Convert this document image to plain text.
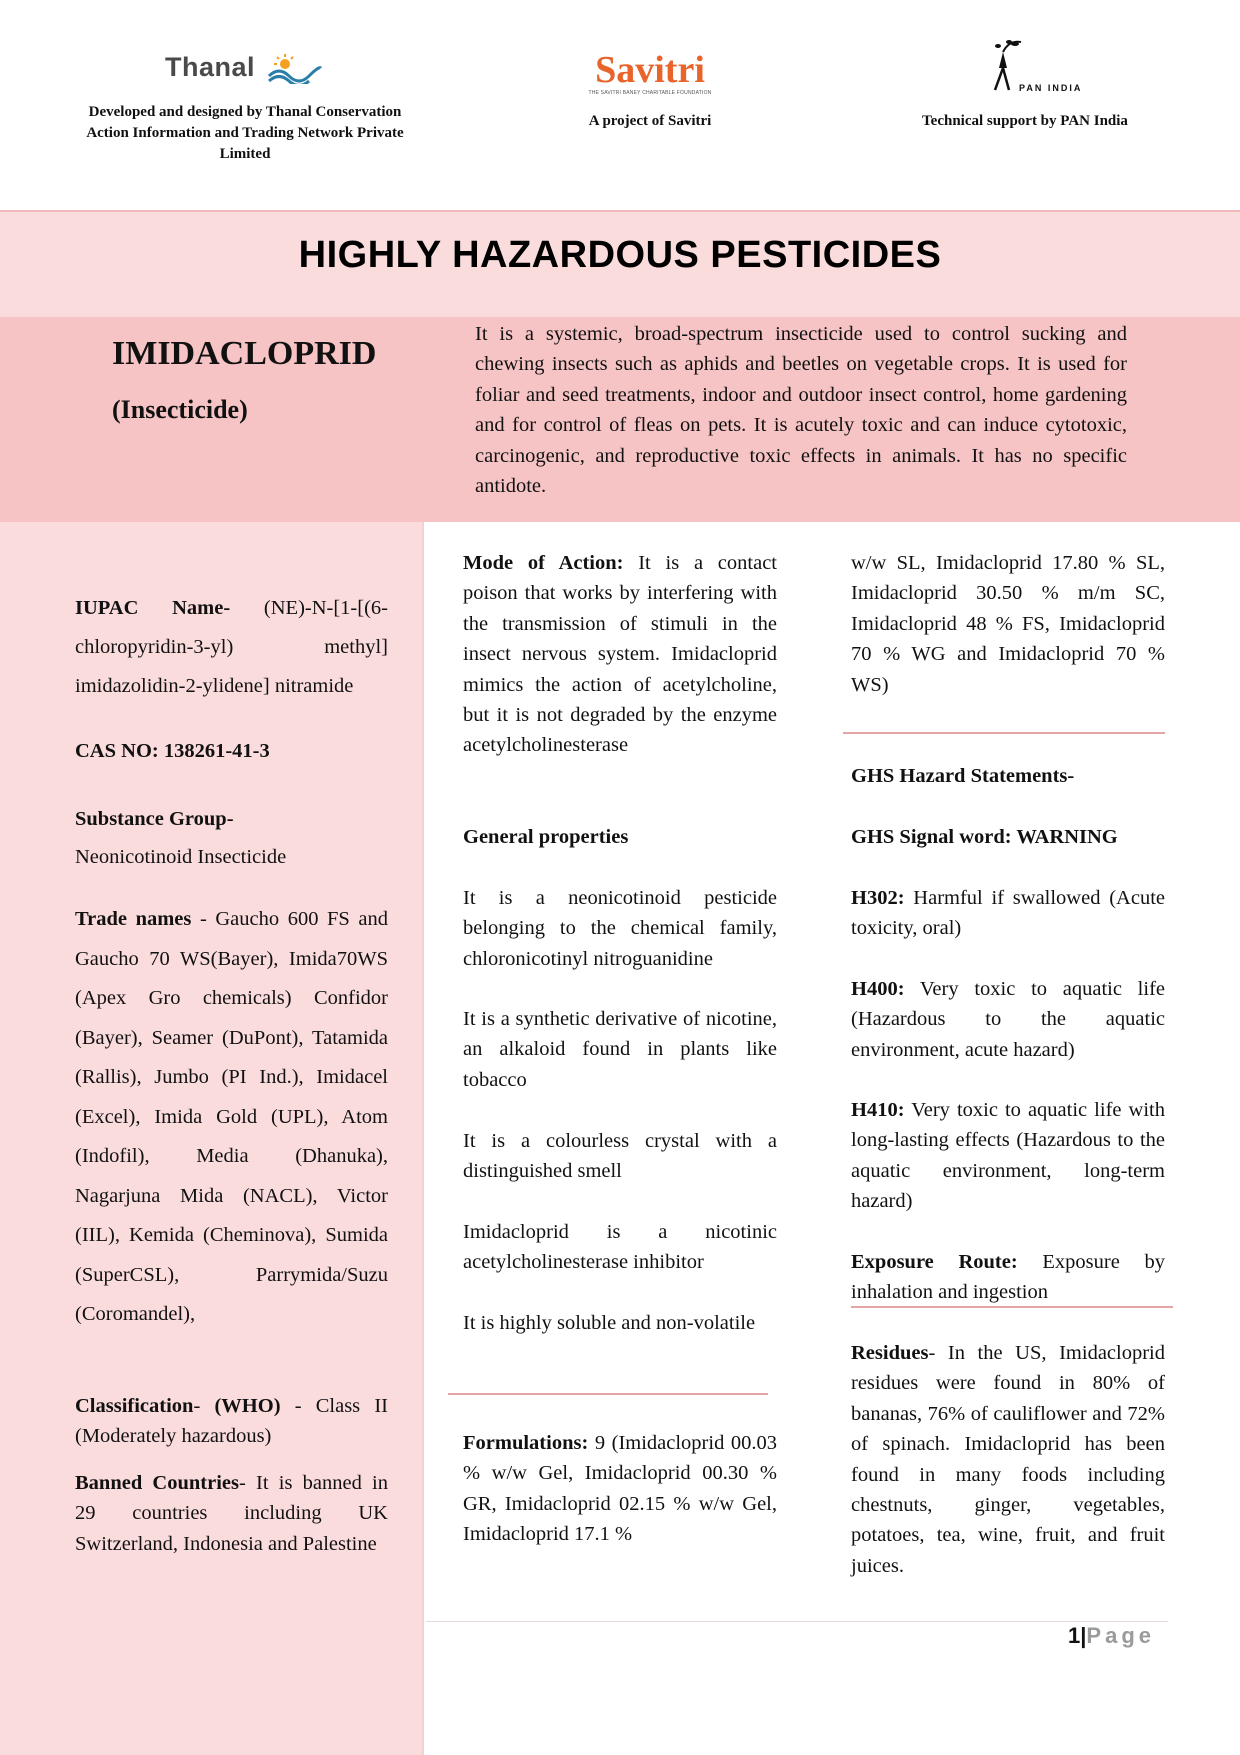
Thanal
Developed and designed by Thanal Conservation Action Information and Trading Network Private Limited
Savitri
THE SAVITRI BANEY CHARITABLE FOUNDATION
A project of Savitri
PAN INDIA
Technical support by PAN India
HIGHLY HAZARDOUS PESTICIDES
IMIDACLOPRID
(Insecticide)
It is a systemic, broad-spectrum insecticide used to control sucking and chewing insects such as aphids and beetles on vegetable crops. It is used for foliar and seed treatments, indoor and outdoor insect control, home gardening and for control of fleas on pets. It is acutely toxic and can induce cytotoxic, carcinogenic, and reproductive toxic effects in animals. It has no specific antidote.
IUPAC Name- (NE)-N-[1-[(6-chloropyridin-3-yl) methyl] imidazolidin-2-ylidene] nitramide
CAS NO: 138261-41-3
Substance Group-
Neonicotinoid Insecticide
Trade names - Gaucho 600 FS and Gaucho 70 WS(Bayer), Imida70WS (Apex Gro chemicals) Confidor (Bayer), Seamer (DuPont), Tatamida (Rallis), Jumbo (PI Ind.), Imidacel (Excel), Imida Gold (UPL), Atom (Indofil), Media (Dhanuka), Nagarjuna Mida (NACL), Victor (IIL), Kemida (Cheminova), Sumida (SuperCSL), Parrymida/Suzu (Coromandel),
Classification- (WHO) - Class II (Moderately hazardous)
Banned Countries- It is banned in 29 countries including UK Switzerland, Indonesia and Palestine
Mode of Action: It is a contact poison that works by interfering with the transmission of stimuli in the insect nervous system. Imidacloprid mimics the action of acetylcholine, but it is not degraded by the enzyme acetylcholinesterase
General properties
It is a neonicotinoid pesticide belonging to the chemical family, chloronicotinyl nitroguanidine
It is a synthetic derivative of nicotine, an alkaloid found in plants like tobacco
It is a colourless crystal with a distinguished smell
Imidacloprid is a nicotinic acetylcholinesterase inhibitor
It is highly soluble and non-volatile
Formulations: 9 (Imidacloprid 00.03 % w/w Gel, Imidacloprid 00.30 % GR, Imidacloprid 02.15 % w/w Gel, Imidacloprid 17.1 %
w/w SL, Imidacloprid 17.80 % SL, Imidacloprid 30.50 % m/m SC, Imidacloprid 48 % FS, Imidacloprid 70 % WG and Imidacloprid 70 % WS)
GHS Hazard Statements-
GHS Signal word: WARNING
H302: Harmful if swallowed (Acute toxicity, oral)
H400: Very toxic to aquatic life (Hazardous to the aquatic environment, acute hazard)
H410: Very toxic to aquatic life with long-lasting effects (Hazardous to the aquatic environment, long-term hazard)
Exposure Route: Exposure by inhalation and ingestion
Residues- In the US, Imidacloprid residues were found in 80% of bananas, 76% of cauliflower and 72% of spinach. Imidacloprid has been found in many foods including chestnuts, ginger, vegetables, potatoes, tea, wine, fruit, and fruit juices.
1|Page
